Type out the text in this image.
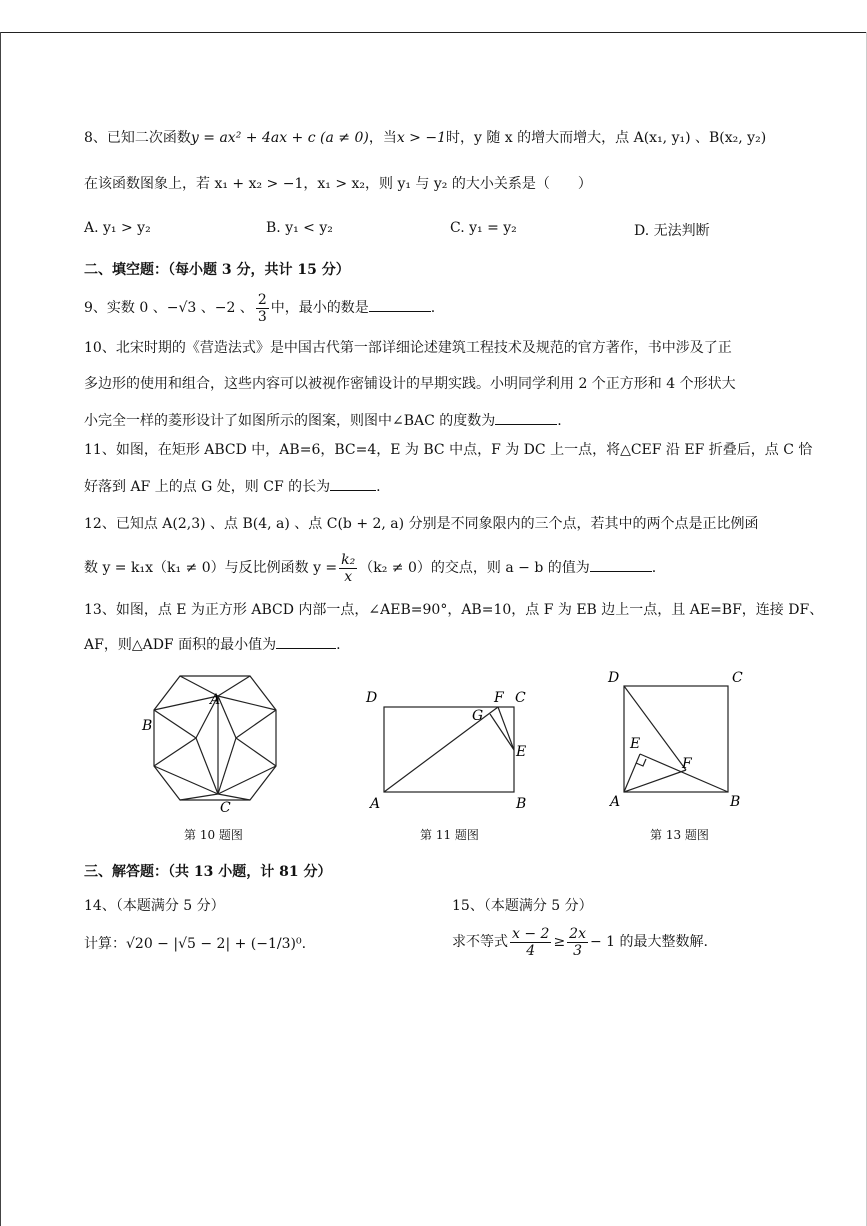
8、已知二次函数y = ax² + 4ax + c (a ≠ 0)，当x > −1时，y 随 x 的增大而增大，点 A(x₁, y₁) 、B(x₂, y₂)
在该函数图象上，若 x₁ + x₂ > −1，x₁ > x₂，则 y₁ 与 y₂ 的大小关系是（　　）
A. y₁ > y₂	B. y₁ < y₂	C. y₁ = y₂	D. 无法判断
二、填空题：（每小题 3 分，共计 15 分）
9、实数 0 、−√3 、−2 、 $\frac{2}{3}$ 中，最小的数是	.
10、北宋时期的《营造法式》是中国古代第一部详细论述建筑工程技术及规范的官方著作，书中涉及了正
多边形的使用和组合，这些内容可以被视作密铺设计的早期实践。小明同学利用 2 个正方形和 4 个形状大
小完全一样的菱形设计了如图所示的图案，则图中∠BAC 的度数为	.
11、如图，在矩形 ABCD 中，AB=6，BC=4，E 为 BC 中点，F 为 DC 上一点，将△CEF 沿 EF 折叠后，点 C 恰
好落到 AF 上的点 G 处，则 CF 的长为	.
12、已知点 A(2,3) 、点 B(4, a) 、点 C(b + 2, a) 分别是不同象限内的三个点，若其中的两个点是正比例函
数 y = k₁x（k₁ ≠ 0）与反比例函数 $y = \frac{\text{k₂}}{x} (k_2 \ne 0)$的交点，则 a − b 的值为	.
13、如图，点 E 为正方形 ABCD 内部一点，∠AEB=90°，AB=10，点 F 为 EB 边上一点，且 AE=BF，连接 DF、
AF，则△ADF 面积的最小值为	.
A
B
C
第 10 题图
D	F C
G
E
A	B
第 11 题图
D	C
E
F
A	B
第 13 题图
三、解答题：（共 13 小题，计 81 分）
14、（本题满分 5 分）
计算：√20 − |√5 − 2| + (−1/3)⁰.
15、（本题满分 5 分）
求不等式 $\frac{x - 2}{4} \ge \frac{2x}{3} - 1$ 的最大整数解.
